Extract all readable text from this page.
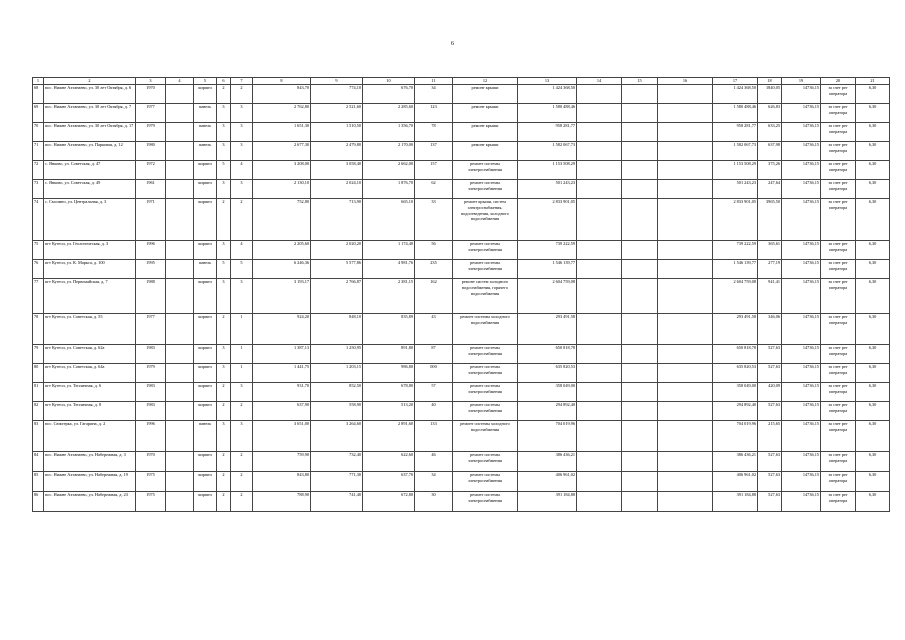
6
1	2	3	4	5	6	7	8	9	10	11	12	13	14	15	16	17	18	19	20	21
68	пос. Нижне Ахтанаево, ул. 30 лет Октября, д. 6	1970		кирпич	2	2	843,70	774,10	676,70	34	ремонт крыши	1 424 368,50				1 424 368,50	1840,05	14736,15	за счет рег оператора	6,30
69	пос. Нижне Ахтанаево, ул. 30 лет Октября, д. 7	1977		панель	3	3	2 762,80	2 521,60	2 285,60	123	ремонт крыши	1 580 488,46				1 580 488,46	626,83	14736,15	за счет рег оператора	6,30
70	пос. Нижне Ахтанаево, ул. 30 лет Октября, д. 17	1979		панель	3	3	1 651,30	1 510,50	1 356,70	78	ремонт крыши	958 281,77				958 281,77	633,25	14736,15	за счет рег оператора	6,30
71	пос. Нижне Ахтанаево, ул. Парковая, д. 12	1980		панель	3	3	2 677,30	2 479,80	2 170,00	137	ремонт крыши	1 582 067,73				1 582 067,73	637,98	14736,15	за счет рег оператора	6,30
72	с. Янково, ул. Советская, д. 47	1972		кирпич	5	4	3 208,00	3 058,40	2 662,00	157	ремонт системы электроснабжения	1 153 508,29				1 153 508,29	375,26	14736,15	за счет рег оператора	6,30
73	с. Янково, ул. Советская, д. 49	1961		кирпич	3	3	2 130,10	2 024,10	1 876,70	62	ремонт системы электроснабжения	501 243,23				501 243,23	247,64	14736,15	за счет рег оператора	6,30
74	с. Смолино, ул. Центральная, д. 3	1971		кирпич	2	2	752,80	713,90	665,10	33	ремонт крыши, систем электроснабжения, водоотведения, холодного водоснабжения	2 833 901,05				2 833 901,05	3965,50	14736,15	за счет рег оператора	6,30
75	пгт Кугеси, ул. Геологическая, д. 3	1996		кирпич	3	4	2 205,60	2 020,20	1 174,40	56	ремонт системы электроснабжения	739 222,59				739 222,59	365,61	14736,15	за счет рег оператора	6,30
76	пгт Кугеси, ул. К. Маркса, д. 100	1995		панель	5	5	6 246,36	5 577,86	4 981,76	235	ремонт системы электроснабжения	1 546 139,77				1 546 139,77	277,19	14736,15	за счет рег оператора	6,30
77	пгт Кугеси, ул. Первомайская, д. 7	1988		кирпич	3	3	3 193,17	2 766,87	2 381,15	162	ремонт систем холодного водоснабжения, горячего водоснабжения	2 604 759,08				2 604 759,08	941,41	14736,15	за счет рег оператора	6,30
78	пгт Кугеси, ул. Советская, д. 55	1977		кирпич	2	1	924,20	848,10	835,89	43	ремонт системы холодного водоснабжения	293 491,58				293 491,58	346,06	14736,15	за счет рег оператора	6,30
79	пгт Кугеси, ул. Советская, д. 62а	1983		кирпич	3	1	1 387,13	1 250,95	891,80	87	ремонт системы электроснабжения	650 818,78				650 818,78	527,63	14736,15	за счет рег оператора	6,30
80	пгт Кугеси, ул. Советская, д. 64а	1979		кирпич	3	1	1 441,75	1 203,15	986,80	000	ремонт системы электроснабжения	635 820,53				635 820,53	527,63	14736,15	за счет рег оператора	6,30
81	пгт Кугеси, ул. Тепличная, д. 6	1983		кирпич	2	3	931,70	852,50	678,80	57	ремонт системы электроснабжения	358 049,00				358 049,00	420,09	14736,15	за счет рег оператора	6,30
82	пгт Кугеси, ул. Тепличная, д. 8	1983		кирпич	2	2	637,90	558,90	513,20	40	ремонт системы электроснабжения	294 892,40				294 892,40	527,63	14736,15	за счет рег оператора	6,30
83	пос. Сюктерка, ул. Гагарина, д. 2	1996		панель	3	3	3 651,00	3 264,60	2 891,60	133	ремонт системы холодного водоснабжения	704 019,96				704 019,96	215,65	14736,15	за счет рег оператора	6,30
84	пос. Нижне Ахтанаево, ул. Набережная, д. 3	1970		кирпич	2	2	759,90	732,40	622,60	46	ремонт системы электроснабжения	386 436,21				386 436,21	527,63	14736,15	за счет рег оператора	6,30
85	пос. Нижне Ахтанаево, ул. Набережная, д. 19	1975		кирпич	2	2	843,80	771,30	637,70	34	ремонт системы электроснабжения	406 961,02				406 961,02	527,63	14736,15	за счет рег оператора	6,30
86	пос. Нижне Ахтанаево, ул. Набережная, д. 23	1975		кирпич	2	2	788,90	741,40	672,80	30	ремонт системы электроснабжения	391 184,88				391 184,88	527,63	14736,15	за счет рег оператора	6,30
